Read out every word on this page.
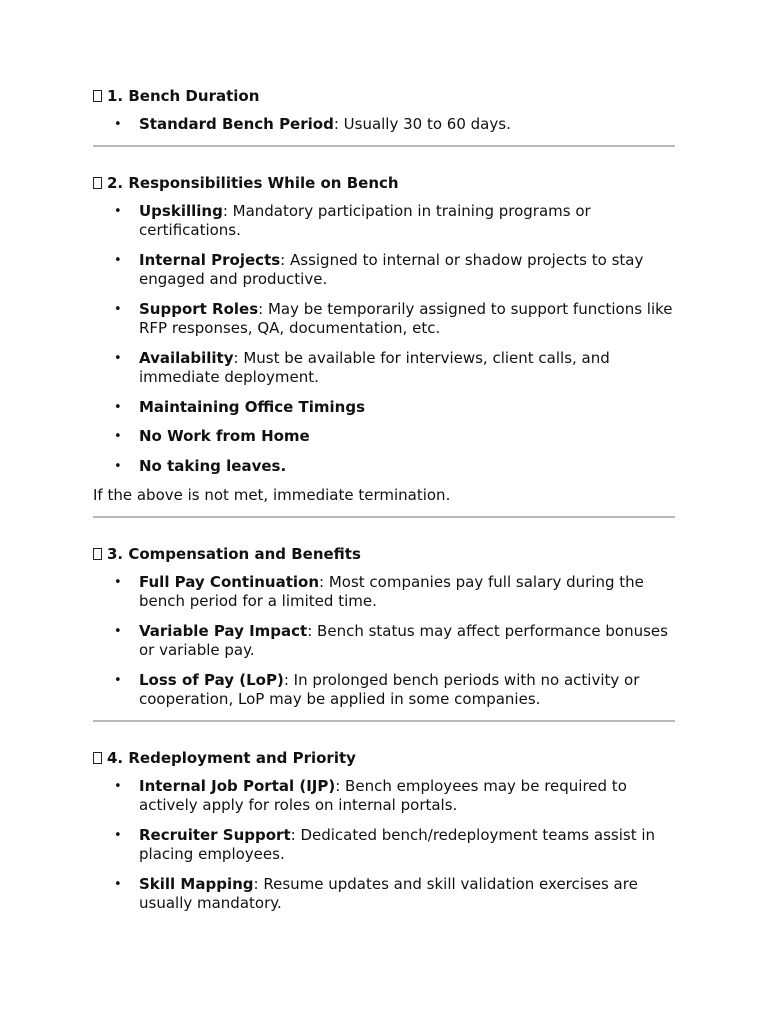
1. Bench Duration

• Standard Bench Period: Usually 30 to 60 days.

2. Responsibilities While on Bench

• Upskilling: Mandatory participation in training programs or certifications.
• Internal Projects: Assigned to internal or shadow projects to stay engaged and productive.
• Support Roles: May be temporarily assigned to support functions like RFP responses, QA, documentation, etc.
• Availability: Must be available for interviews, client calls, and immediate deployment.
• Maintaining Office Timings
• No Work from Home
• No taking leaves.
If the above is not met, immediate termination.

3. Compensation and Benefits

• Full Pay Continuation: Most companies pay full salary during the bench period for a limited time.
• Variable Pay Impact: Bench status may affect performance bonuses or variable pay.
• Loss of Pay (LoP): In prolonged bench periods with no activity or cooperation, LoP may be applied in some companies.

4. Redeployment and Priority

• Internal Job Portal (IJP): Bench employees may be required to actively apply for roles on internal portals.
• Recruiter Support: Dedicated bench/redeployment teams assist in placing employees.
• Skill Mapping: Resume updates and skill validation exercises are usually mandatory.
